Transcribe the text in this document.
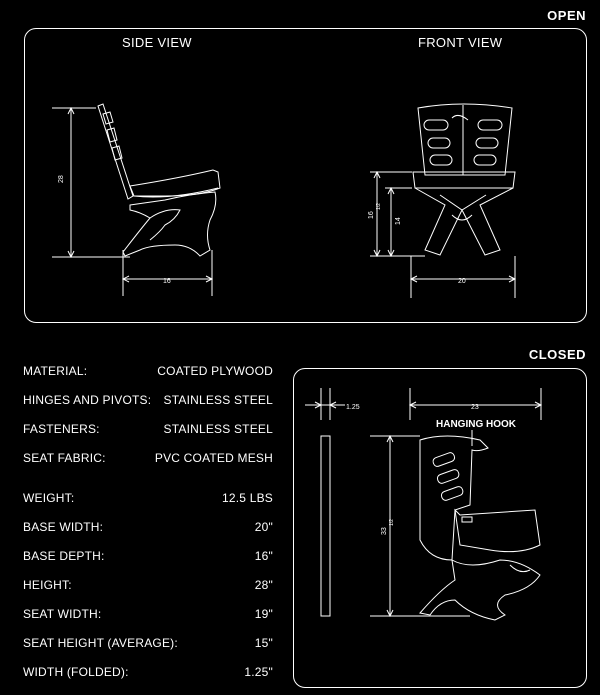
OPEN
SIDE VIEW	FRONT VIEW
28
16
16
1/2
14
20
CLOSED
1.25	23
HANGING HOOK
33
1/2
MATERIAL:	COATED PLYWOOD
HINGES AND PIVOTS: STAINLESS STEEL
FASTENERS:	STAINLESS STEEL
SEAT FABRIC:	PVC COATED MESH
WEIGHT:	12.5 LBS
BASE WIDTH:	20"
BASE DEPTH:	16"
HEIGHT:	28"
SEAT WIDTH:	19"
SEAT HEIGHT (AVERAGE):	15"
WIDTH (FOLDED):	1.25"
